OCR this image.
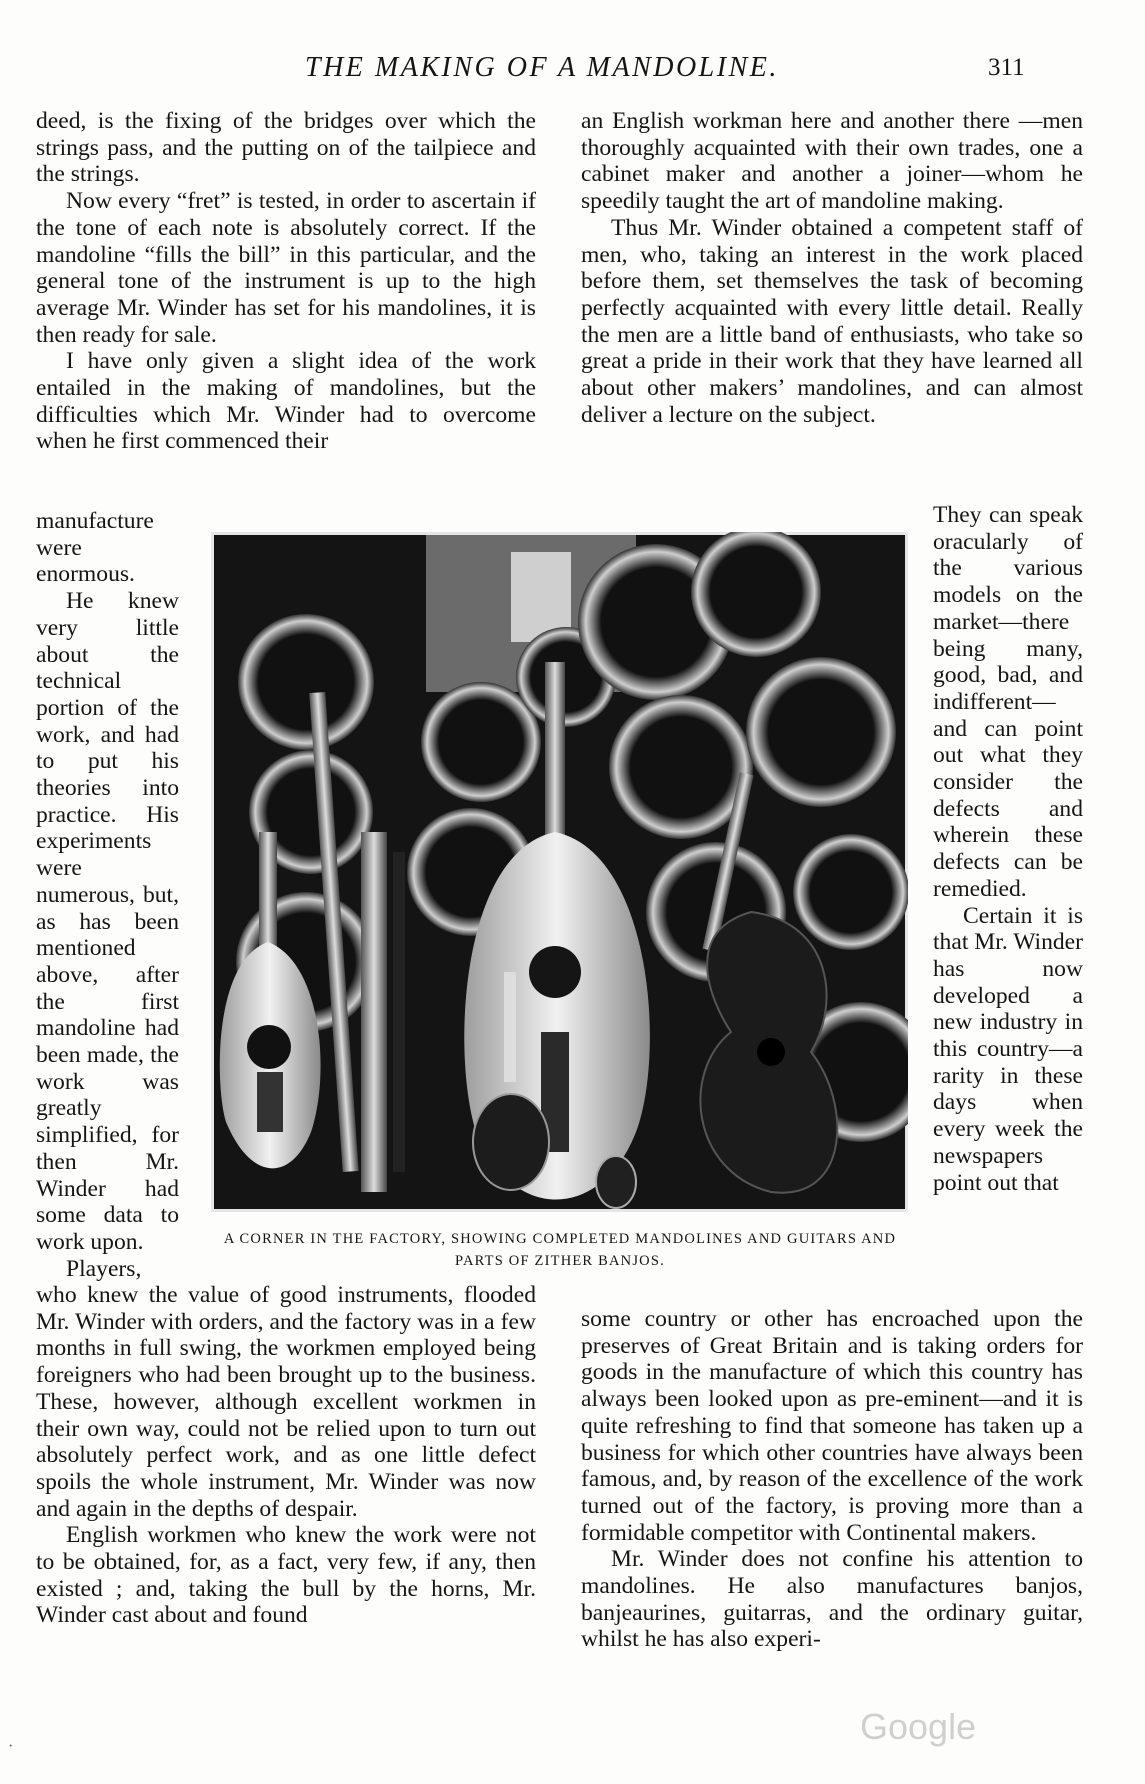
THE MAKING OF A MANDOLINE.	311

deed, is the fixing of the bridges over which the strings pass, and the putting on of the tailpiece and the strings.

Now every “fret” is tested, in order to ascertain if the tone of each note is absolutely correct. If the mandoline “fills the bill” in this particular, and the general tone of the instrument is up to the high average Mr. Winder has set for his mandolines, it is then ready for sale.

I have only given a slight idea of the work entailed in the making of mandolines, but the difficulties which Mr. Winder had to overcome when he first commenced their

manufacture were enormous.

He knew very little about the technical portion of the work, and had to put his theories into practice. His experiments were numerous, but, as has been mentioned above, after the first mandoline had been made, the work was greatly simplified, for then Mr. Winder had some data to work upon.

Players,

who knew the value of good instruments, flooded Mr. Winder with orders, and the factory was in a few months in full swing, the workmen employed being foreigners who had been brought up to the business. These, however, although excellent workmen in their own way, could not be relied upon to turn out absolutely perfect work, and as one little defect spoils the whole instrument, Mr. Winder was now and again in the depths of despair.

English workmen who knew the work were not to be obtained, for, as a fact, very few, if any, then existed ; and, taking the bull by the horns, Mr. Winder cast about and found

an English workman here and another there —men thoroughly acquainted with their own trades, one a cabinet maker and another a joiner—whom he speedily taught the art of mandoline making.

Thus Mr. Winder obtained a competent staff of men, who, taking an interest in the work placed before them, set themselves the task of becoming perfectly acquainted with every little detail. Really the men are a little band of enthusiasts, who take so great a pride in their work that they have learned all about other makers’ mandolines, and can almost deliver a lecture on the subject.

They can speak oracularly of the various models on the market—there being many, good, bad, and indifferent—and can point out what they consider the defects and wherein these defects can be remedied.

Certain it is that Mr. Winder has now developed a new industry in this country—a rarity in these days when every week the newspapers point out that

some country or other has encroached upon the preserves of Great Britain and is taking orders for goods in the manufacture of which this country has always been looked upon as pre-eminent—and it is quite refreshing to find that someone has taken up a business for which other countries have always been famous, and, by reason of the excellence of the work turned out of the factory, is proving more than a formidable competitor with Continental makers.

Mr. Winder does not confine his attention to mandolines. He also manufactures banjos, banjeaurines, guitarras, and the ordinary guitar, whilst he has also experi-

A CORNER IN THE FACTORY, SHOWING COMPLETED MANDOLINES AND GUITARS AND PARTS OF ZITHER BANJOS.
Google
·
